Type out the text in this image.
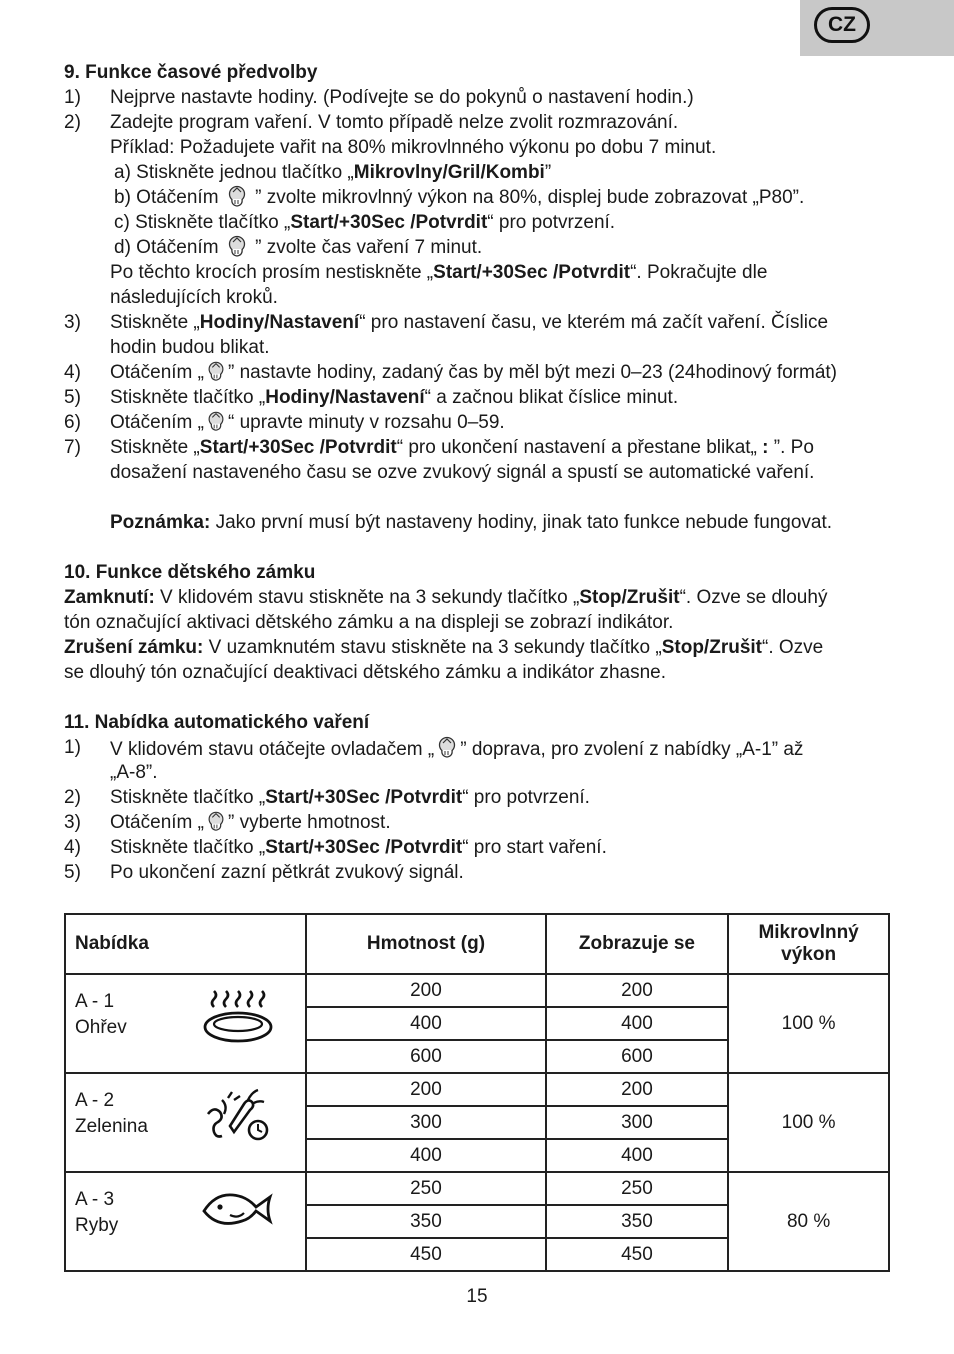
CZ
9. Funkce časové předvolby
1) Nejprve nastavte hodiny. (Podívejte se do pokynů o nastavení hodin.)
2) Zadejte program vaření. V tomto případě nelze zvolit rozmrazování.
Příklad: Požadujete vařit na 80% mikrovlnného výkonu po dobu 7 minut.
a) Stiskněte jednou tlačítko „Mikrovlny/Gril/Kombi”
b) Otáčením  ” zvolte mikrovlnný výkon na 80%, displej bude zobrazovat „P80”.
c) Stiskněte tlačítko „Start/+30Sec /Potvrdit“ pro potvrzení.
d) Otáčením  ” zvolte čas vaření 7 minut.
Po těchto krocích prosím nestiskněte „Start/+30Sec /Potvrdit“. Pokračujte dle
následujících kroků.
3) Stiskněte „Hodiny/Nastavení“ pro nastavení času, ve kterém má začít vaření. Číslice
hodin budou blikat.
4) Otáčením „ ” nastavte hodiny, zadaný čas by měl být mezi 0–23 (24hodinový formát)
5) Stiskněte tlačítko „Hodiny/Nastavení“ a začnou blikat číslice minut.
6) Otáčením „ “ upravte minuty v rozsahu 0–59.
7) Stiskněte „Start/+30Sec /Potvrdit“ pro ukončení nastavení a přestane blikat„ : ”. Po
dosažení nastaveného času se ozve zvukový signál a spustí se automatické vaření.
Poznámka: Jako první musí být nastaveny hodiny, jinak tato funkce nebude fungovat.
10. Funkce dětského zámku
Zamknutí: V klidovém stavu stiskněte na 3 sekundy tlačítko „Stop/Zrušit“. Ozve se dlouhý
tón označující aktivaci dětského zámku a na displeji se zobrazí indikátor.
Zrušení zámku: V uzamknutém stavu stiskněte na 3 sekundy tlačítko „Stop/Zrušit“. Ozve
se dlouhý tón označující deaktivaci dětského zámku a indikátor zhasne.
11. Nabídka automatického vaření
1) V klidovém stavu otáčejte ovladačem „ ” doprava, pro zvolení z nabídky „A-1” až
„A-8”.
2) Stiskněte tlačítko „Start/+30Sec /Potvrdit“ pro potvrzení.
3) Otáčením „ ” vyberte hmotnost.
4) Stiskněte tlačítko „Start/+30Sec /Potvrdit“ pro start vaření.
5) Po ukončení zazní pětkrát zvukový signál.
Nabídka	Hmotnost (g)	Zobrazuje se	Mikrovlnný
výkon

A - 1
Ohřev	200	200	100 %
	400	400	
	600	600	

A - 2
Zelenina	200	200	100 %
	300	300	
	400	400	

A - 3
Ryby	250	250	80 %
	350	350	
	450	450	
15
